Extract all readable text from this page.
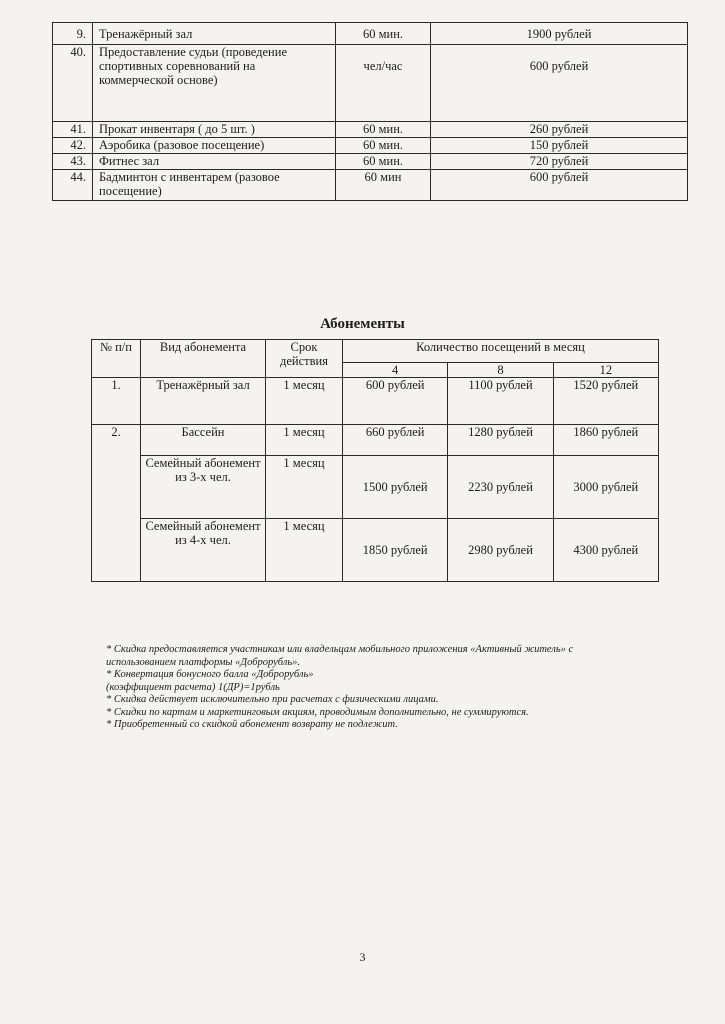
9.	Тренажёрный зал	60 мин.	1900 рублей
40.	Предоставление судьи (проведение спортивных соревнований на коммерческой основе)	чел/час	600 рублей
41.	Прокат инвентаря ( до 5 шт. )	60 мин.	260 рублей
42.	Аэробика (разовое посещение)	60 мин.	150 рублей
43.	Фитнес зал	60 мин.	720 рублей
44.	Бадминтон с инвентарем (разовое посещение)	60 мин	600 рублей
Абонементы
№ п/п	Вид абонемента	Срок действия	Количество посещений в месяц		
			4	8	12
1.	Тренажёрный зал	1 месяц	600 рублей	1100 рублей	1520 рублей
2.	Бассейн	1 месяц	660 рублей	1280 рублей	1860 рублей
	Семейный абонемент из 3-х чел.	1 месяц	1500 рублей	2230 рублей	3000 рублей
	Семейный абонемент из 4-х чел.	1 месяц	1850 рублей	2980 рублей	4300 рублей

* Скидка предоставляется участникам или владельцам мобильного приложения «Активный житель» с использованием платформы «Доброрубль».

* Конвертация бонусного балла «Доброрубль»

(коэффициент расчета) 1(ДР)=1рубль

* Скидка действует исключительно при расчетах с физическими лицами.

* Скидки по картам и маркетинговым акциям, проводимым дополнительно, не суммируются.

* Приобретенный со скидкой абонемент возврату не подлежит.

3
